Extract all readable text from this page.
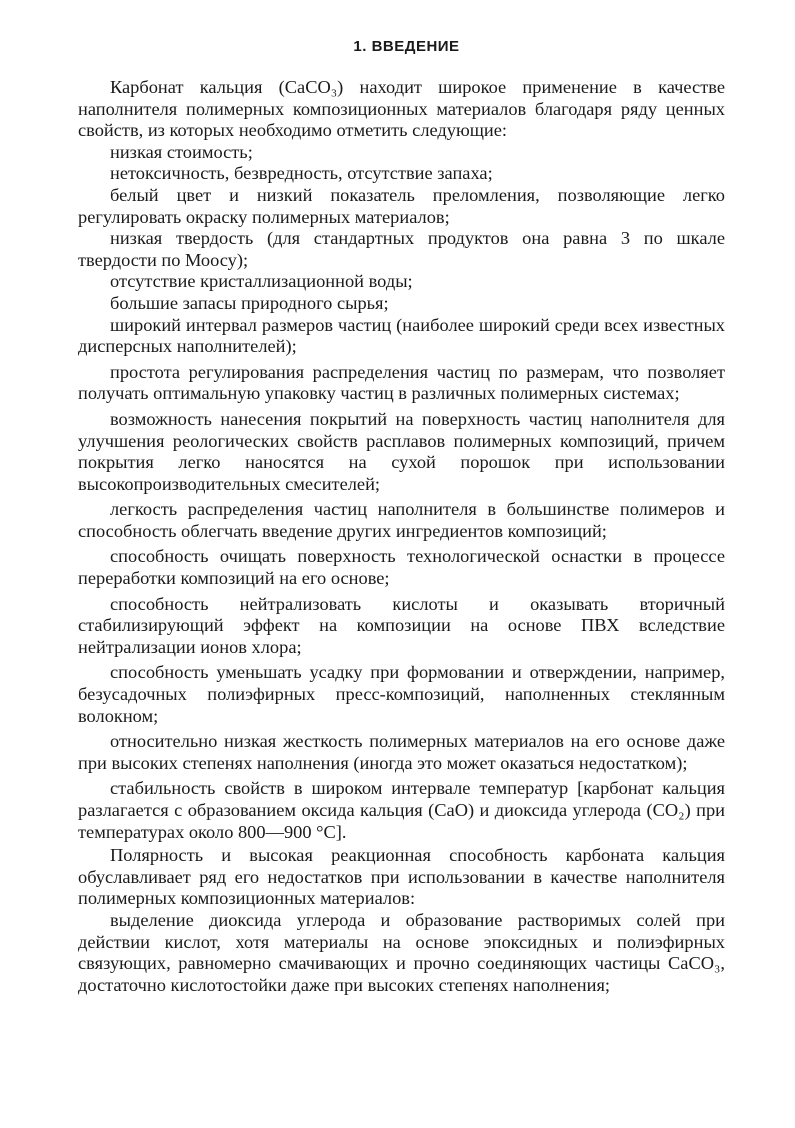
1. ВВЕДЕНИЕ

Карбонат кальция (CaCO₃) находит широкое применение в качестве наполнителя полимерных композиционных материалов благодаря ряду ценных свойств, из которых необходимо отметить следующие:

низкая стоимость;

нетоксичность, безвредность, отсутствие запаха;

белый цвет и низкий показатель преломления, позволяющие легко регулировать окраску полимерных материалов;

низкая твердость (для стандартных продуктов она равна 3 по шкале твердости по Моосу);

отсутствие кристаллизационной воды;

большие запасы природного сырья;

широкий интервал размеров частиц (наиболее широкий среди всех известных дисперсных наполнителей);

простота регулирования распределения частиц по размерам, что позволяет получать оптимальную упаковку частиц в различных полимерных системах;

возможность нанесения покрытий на поверхность частиц наполнителя для улучшения реологических свойств расплавов полимерных композиций, причем покрытия легко наносятся на сухой порошок при использовании высокопроизводительных смесителей;

легкость распределения частиц наполнителя в большинстве полимеров и способность облегчать введение других ингредиентов композиций;

способность очищать поверхность технологической оснастки в процессе переработки композиций на его основе;

способность нейтрализовать кислоты и оказывать вторичный стабилизирующий эффект на композиции на основе ПВХ вследствие нейтрализации ионов хлора;

способность уменьшать усадку при формовании и отверждении, например, безусадочных полиэфирных пресс-композиций, наполненных стеклянным волокном;

относительно низкая жесткость полимерных материалов на его основе даже при высоких степенях наполнения (иногда это может оказаться недостатком);

стабильность свойств в широком интервале температур [карбонат кальция разлагается с образованием оксида кальция (CaO) и диоксида углерода (CO₂) при температурах около 800—900 °С].

Полярность и высокая реакционная способность карбоната кальция обуславливает ряд его недостатков при использовании в качестве наполнителя полимерных композиционных материалов:

выделение диоксида углерода и образование растворимых солей при действии кислот, хотя материалы на основе эпоксидных и полиэфирных связующих, равномерно смачивающих и прочно соединяющих частицы CaCO₃, достаточно кислотостойки даже при высоких степенях наполнения;
